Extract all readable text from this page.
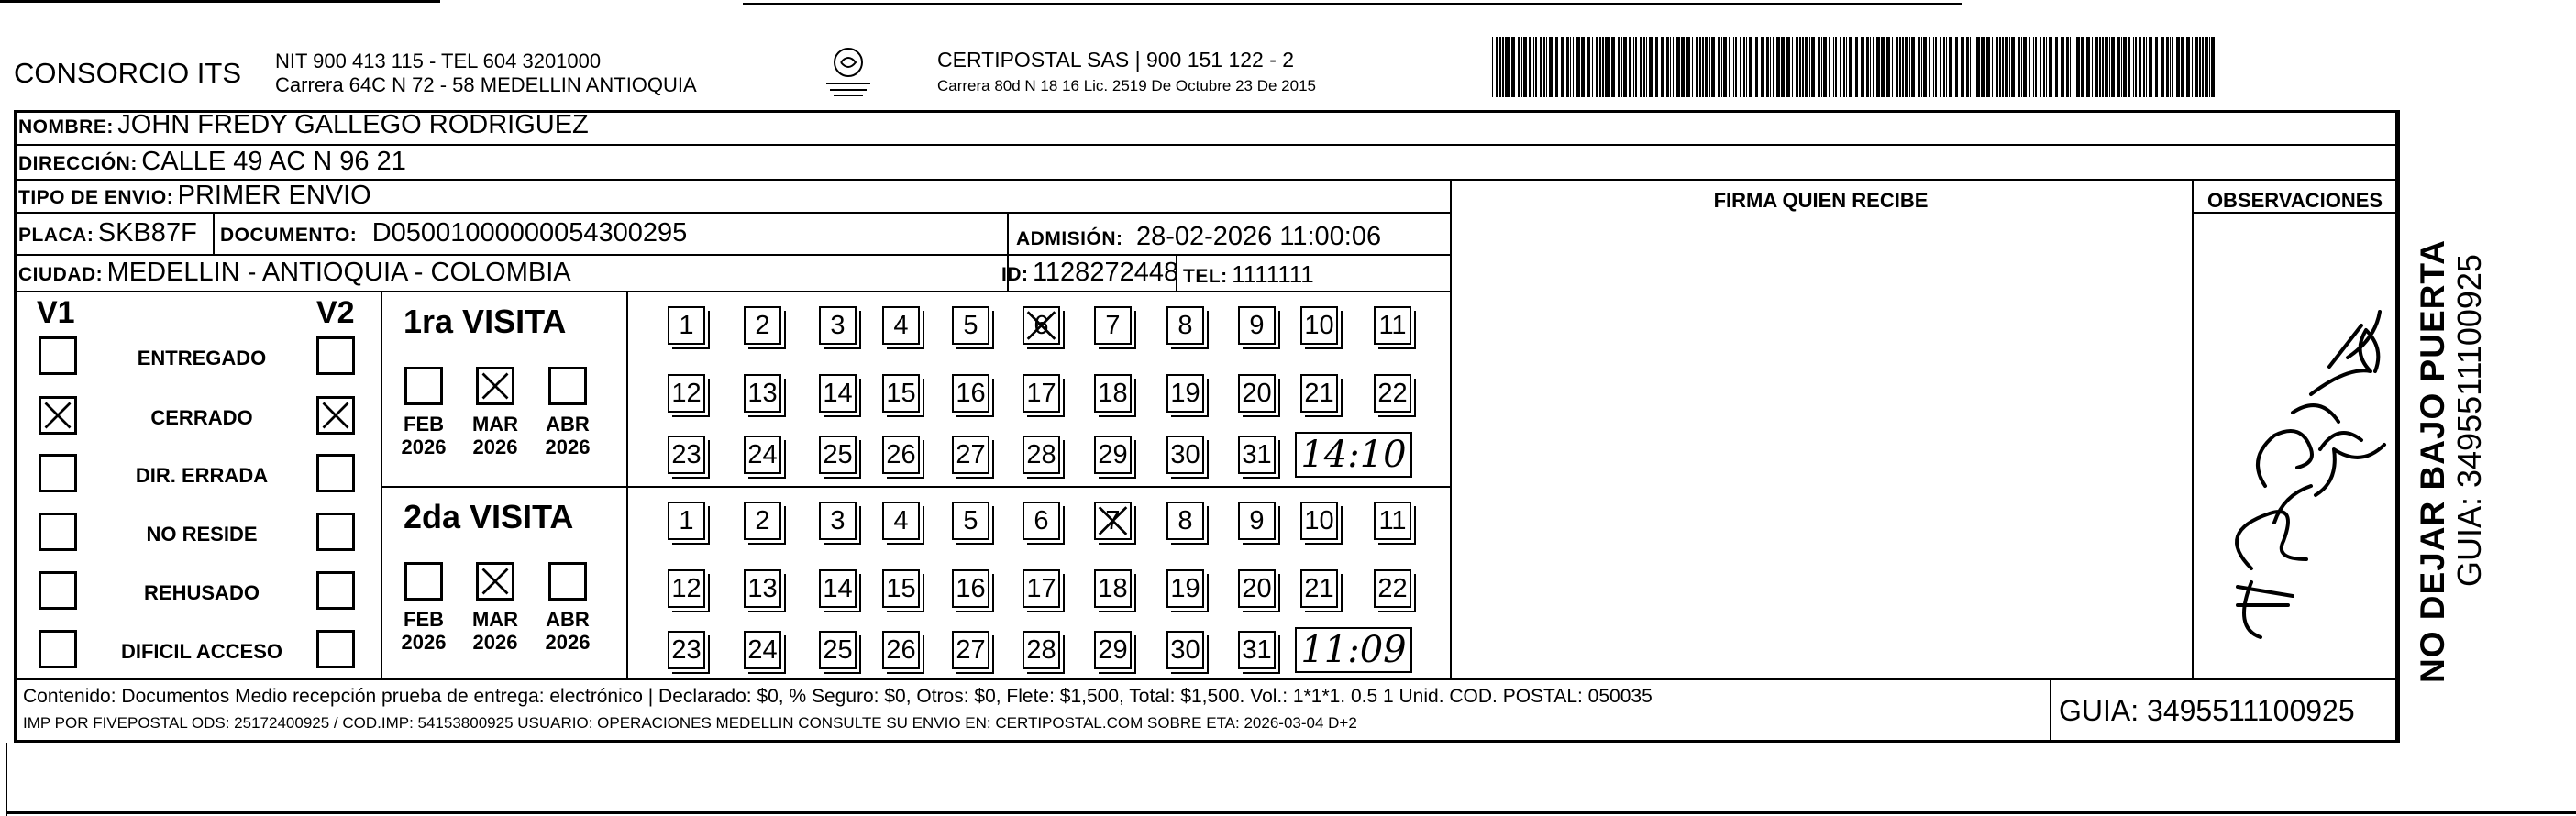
CONSORCIO ITS NIT 900 413 115 - TEL 604 3201000
Carrera 64C N 72 - 58 MEDELLIN ANTIOQUIA
CERTIPOSTAL SAS | 900 151 122 - 2
Carrera 80d N 18 16 Lic. 2519 De Octubre 23 De 2015
NOMBRE: JOHN FREDY GALLEGO RODRIGUEZ
DIRECCIÓN: CALLE 49 AC N 96 21
TIPO DE ENVIO: PRIMER ENVIO
PLACA: SKB87F DOCUMENTO: D05001000000054300295	ADMISIÓN: 28-02-2026 11:00:06
CIUDAD: MEDELLIN - ANTIOQUIA - COLOMBIA	ID: 1128272448 TEL: 1111111
FIRMA QUIEN RECIBE	OBSERVACIONES
V1	V2
ENTREGADO
CERRADO
DIR. ERRADA
NO RESIDE
REHUSADO
DIFICIL ACCESO
1ra VISITA
FEB
2026
MAR
2026
ABR
2026
1	2	3	4	5	6	7	8	9	10 11
12 13 14 15 16 17 18 19 20 21 22
23 24 25 26 27 28 29 30 31 14:10
2da VISITA
FEB
2026
MAR
2026
ABR
2026
1	2	3	4	5	6	7	8	9	10 11
12 13 14 15 16 17 18 19 20 21 22
23 24 25 26 27 28 29 30 31 11:09
Contenido: Documentos Medio recepción prueba de entrega: electrónico | Declarado: $0, % Seguro: $0, Otros: $0, Flete: $1,500, Total: $1,500. Vol.: 1*1*1. 0.5 1 Unid. COD. POSTAL: 050035
IMP POR FIVEPOSTAL ODS: 25172400925 / COD.IMP: 54153800925 USUARIO: OPERACIONES MEDELLIN CONSULTE SU ENVIO EN: CERTIPOSTAL.COM SOBRE ETA: 2026-03-04 D+2	GUIA: 3495511100925
NO DEJAR BAJO PUERTA GUIA: 3495511100925
